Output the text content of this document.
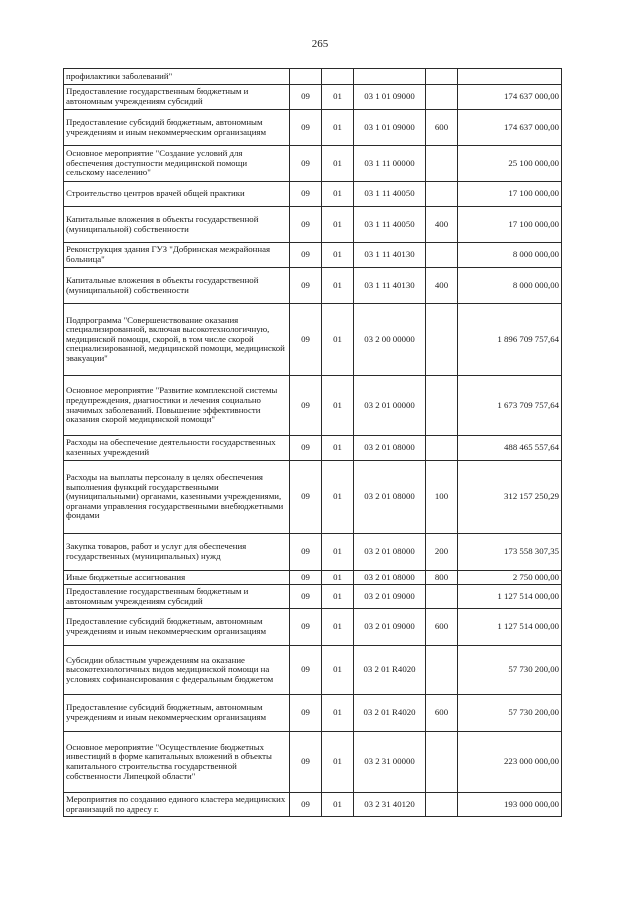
265
профилактики заболеваний"					
Предоставление государственным бюджетным и автономным учреждениям субсидий	09	01	03 1 01 09000		174 637 000,00
Предоставление субсидий бюджетным, автономным учреждениям и иным некоммерческим организациям	09	01	03 1 01 09000	600	174 637 000,00
Основное мероприятие "Создание условий для обеспечения доступности медицинской помощи сельскому населению"	09	01	03 1 11 00000		25 100 000,00
Строительство центров врачей общей практики	09	01	03 1 11 40050		17 100 000,00
Капитальные вложения в объекты государственной (муниципальной) собственности	09	01	03 1 11 40050	400	17 100 000,00
Реконструкция здания ГУЗ "Добринская межрайонная больница"	09	01	03 1 11 40130		8 000 000,00
Капитальные вложения в объекты государственной (муниципальной) собственности	09	01	03 1 11 40130	400	8 000 000,00
Подпрограмма "Совершенствование оказания специализированной, включая высокотехнологичную, медицинской помощи, скорой, в том числе скорой специализированной, медицинской помощи, медицинской эвакуации"	09	01	03 2 00 00000		1 896 709 757,64
Основное мероприятие "Развитие комплексной системы предупреждения, диагностики и лечения социально значимых заболеваний. Повышение эффективности оказания скорой медицинской помощи"	09	01	03 2 01 00000		1 673 709 757,64
Расходы на обеспечение деятельности государственных казенных учреждений	09	01	03 2 01 08000		488 465 557,64
Расходы на выплаты персоналу в целях обеспечения выполнения функций государственными (муниципальными) органами, казенными учреждениями, органами управления государственными внебюджетными фондами	09	01	03 2 01 08000	100	312 157 250,29
Закупка товаров, работ и услуг для обеспечения государственных (муниципальных) нужд	09	01	03 2 01 08000	200	173 558 307,35
Иные бюджетные ассигнования	09	01	03 2 01 08000	800	2 750 000,00
Предоставление государственным бюджетным и автономным учреждениям субсидий	09	01	03 2 01 09000		1 127 514 000,00
Предоставление субсидий бюджетным, автономным учреждениям и иным некоммерческим организациям	09	01	03 2 01 09000	600	1 127 514 000,00
Субсидии областным учреждениям на оказание высокотехнологичных видов медицинской помощи на условиях софинансирования с федеральным бюджетом	09	01	03 2 01 R4020		57 730 200,00
Предоставление субсидий бюджетным, автономным учреждениям и иным некоммерческим организациям	09	01	03 2 01 R4020	600	57 730 200,00
Основное мероприятие "Осуществление бюджетных инвестиций в форме капитальных вложений в объекты капитального строительства государственной собственности Липецкой области"	09	01	03 2 31 00000		223 000 000,00
Мероприятия по созданию единого кластера медицинских организаций по адресу г.	09	01	03 2 31 40120		193 000 000,00
